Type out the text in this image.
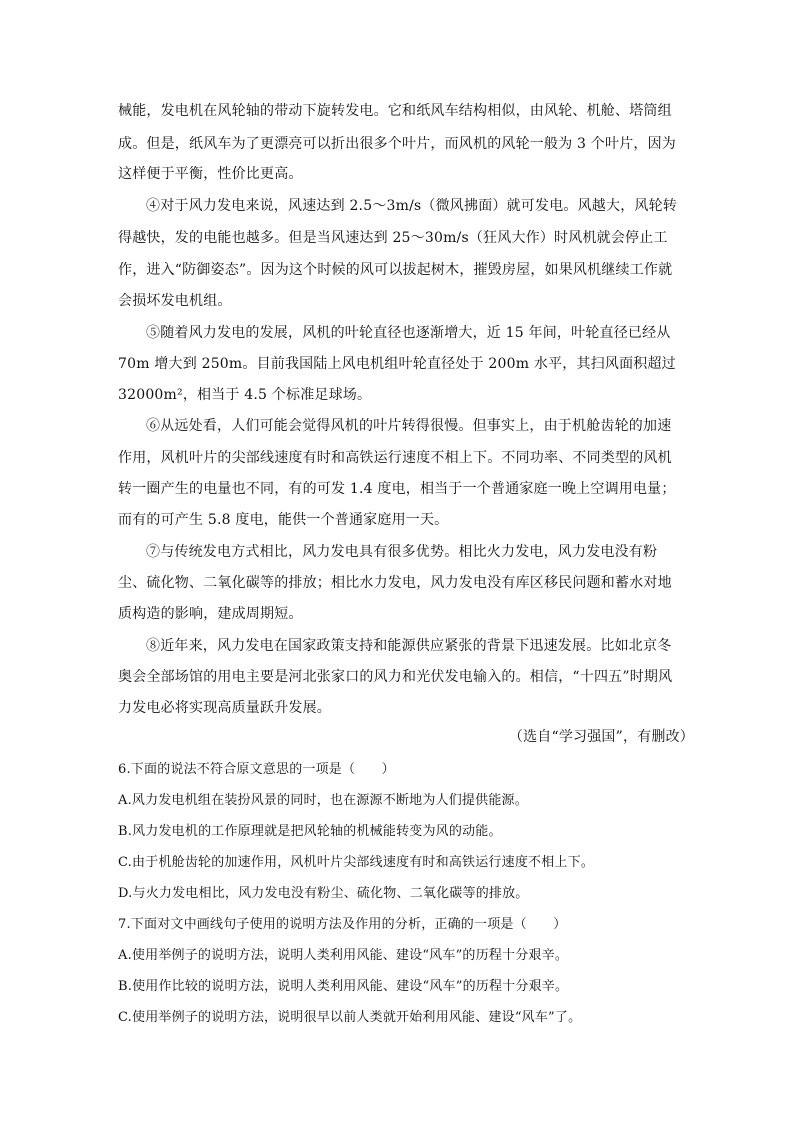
械能，发电机在风轮轴的带动下旋转发电。它和纸风车结构相似，由风轮、机舱、塔筒组
成。但是，纸风车为了更漂亮可以折出很多个叶片，而风机的风轮一般为 3 个叶片，因为
这样便于平衡，性价比更高。
④对于风力发电来说，风速达到 2.5～3m/s（微风拂面）就可发电。风越大，风轮转
得越快，发的电能也越多。但是当风速达到 25～30m/s（狂风大作）时风机就会停止工
作，进入“防御姿态”。因为这个时候的风可以拔起树木，摧毁房屋，如果风机继续工作就
会损坏发电机组。
⑤随着风力发电的发展，风机的叶轮直径也逐渐增大，近 15 年间，叶轮直径已经从
70m 增大到 250m。目前我国陆上风电机组叶轮直径处于 200m 水平，其扫风面积超过
32000m²，相当于 4.5 个标准足球场。
⑥从远处看，人们可能会觉得风机的叶片转得很慢。但事实上，由于机舱齿轮的加速
作用，风机叶片的尖部线速度有时和高铁运行速度不相上下。不同功率、不同类型的风机
转一圈产生的电量也不同，有的可发 1.4 度电，相当于一个普通家庭一晚上空调用电量；
而有的可产生 5.8 度电，能供一个普通家庭用一天。
⑦与传统发电方式相比，风力发电具有很多优势。相比火力发电，风力发电没有粉
尘、硫化物、二氧化碳等的排放；相比水力发电，风力发电没有库区移民问题和蓄水对地
质构造的影响，建成周期短。
⑧近年来，风力发电在国家政策支持和能源供应紧张的背景下迅速发展。比如北京冬
奥会全部场馆的用电主要是河北张家口的风力和光伏发电输入的。相信，“十四五”时期风
力发电必将实现高质量跃升发展。
（选自“学习强国”，有删改）
6.下面的说法不符合原文意思的一项是（　　）
A.风力发电机组在装扮风景的同时，也在源源不断地为人们提供能源。
B.风力发电机的工作原理就是把风轮轴的机械能转变为风的动能。
C.由于机舱齿轮的加速作用，风机叶片尖部线速度有时和高铁运行速度不相上下。
D.与火力发电相比，风力发电没有粉尘、硫化物、二氧化碳等的排放。
7.下面对文中画线句子使用的说明方法及作用的分析，正确的一项是（　　）
A.使用举例子的说明方法，说明人类利用风能、建设“风车”的历程十分艰辛。
B.使用作比较的说明方法，说明人类利用风能、建设“风车”的历程十分艰辛。
C.使用举例子的说明方法，说明很早以前人类就开始利用风能、建设“风车”了。
